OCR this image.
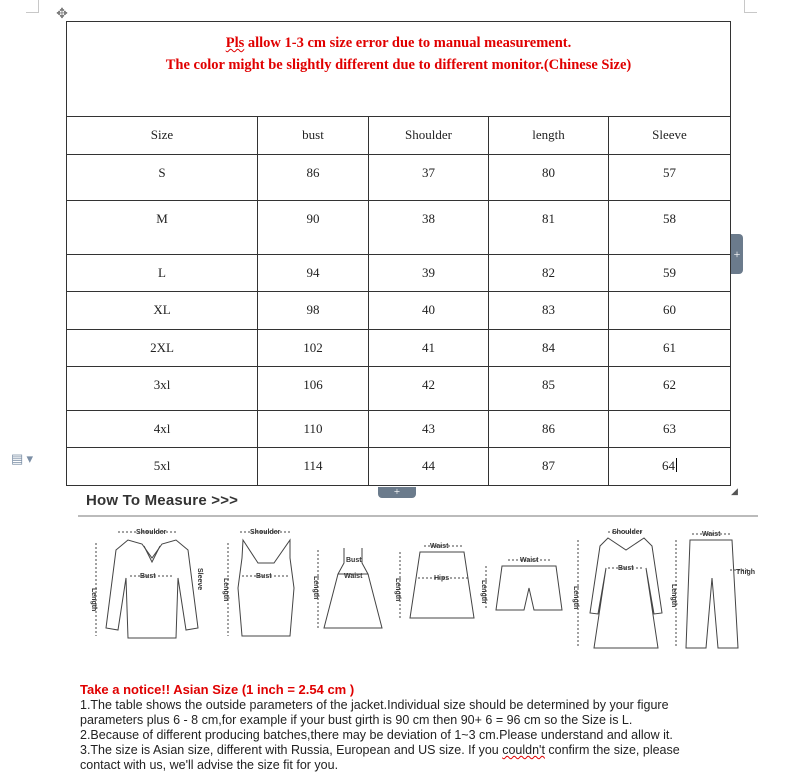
✥
Pls allow 1-3 cm size error due to manual measurement.
The color might be slightly different due to different monitor.(Chinese Size)				

Size	bust	Shoulder	length	Sleeve
S	86	37	80	57
M	90	38	81	58
L	94	39	82	59
XL	98	40	83	60
2XL	102	41	84	61
3xl	106	42	85	62
4xl	110	43	86	63
5xl	114	44	87	64
+
+	◢
▤ ▾
How To Measure >>>
Shoulder
Bust
Length
Sleeve
Shoulder
Bust
Length
Bust
Waist
Length
Waist
Hips
Length
Waist
Length
Shoulder
Bust
Length
Waist
Thigh
Length
Take a notice!! Asian Size (1 inch = 2.54 cm )
1.The table shows the outside parameters of the jacket.Individual size should be determined by your figure
parameters plus 6 - 8 cm,for example if your bust girth is 90 cm then 90+ 6 = 96 cm so the Size is L.
2.Because of different producing batches,there may be deviation of 1~3 cm.Please understand and allow it.
3.The size is Asian size, different with Russia, European and US size. If you couldn't confirm the size, please
contact with us, we'll advise the size fit for you.
